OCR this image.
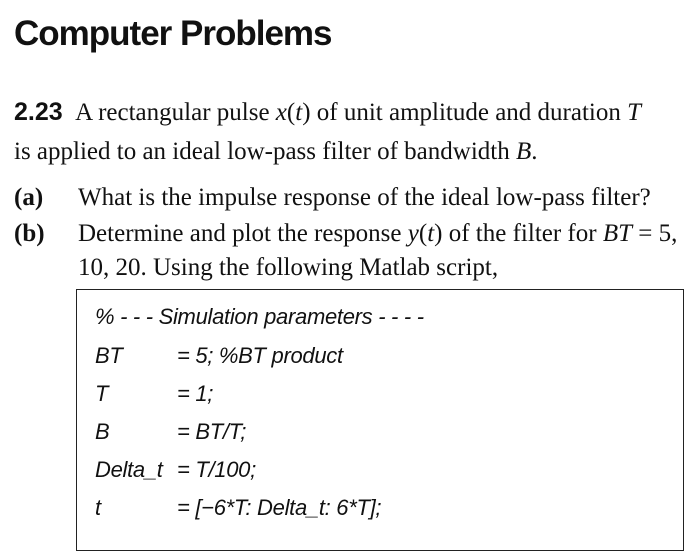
Computer Problems
2.23 A rectangular pulse x(t) of unit amplitude and duration T
is applied to an ideal low-pass filter of bandwidth B.
(a) What is the impulse response of the ideal low-pass filter?
(b) Determine and plot the response y(t) of the filter for BT = 5,
10, 20. Using the following Matlab script,
% - - - Simulation parameters - - - -
BT = 5; %BT product
T	= 1;
B	= BT/T;
Delta_t = T/100;
t	= [−6*T: Delta_t: 6*T];
